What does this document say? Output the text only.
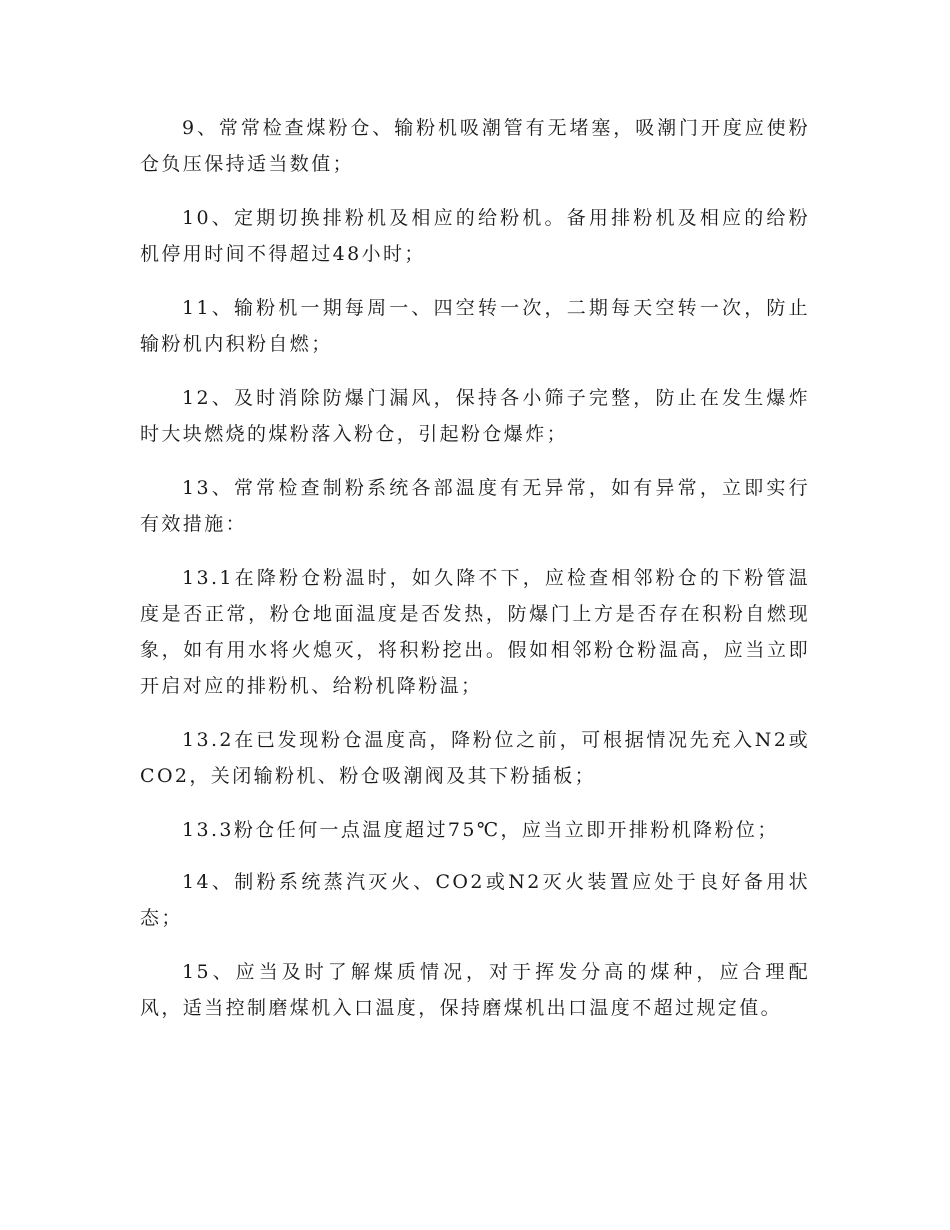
9、常常检查煤粉仓、输粉机吸潮管有无堵塞，吸潮门开度应使粉仓负压保持适当数值；

10、定期切换排粉机及相应的给粉机。备用排粉机及相应的给粉机停用时间不得超过48小时；

11、输粉机一期每周一、四空转一次，二期每天空转一次，防止输粉机内积粉自燃；

12、及时消除防爆门漏风，保持各小筛子完整，防止在发生爆炸时大块燃烧的煤粉落入粉仓，引起粉仓爆炸；

13、常常检查制粉系统各部温度有无异常，如有异常，立即实行有效措施：

13.1在降粉仓粉温时，如久降不下，应检查相邻粉仓的下粉管温度是否正常，粉仓地面温度是否发热，防爆门上方是否存在积粉自燃现象，如有用水将火熄灭，将积粉挖出。假如相邻粉仓粉温高，应当立即开启对应的排粉机、给粉机降粉温；

13.2在已发现粉仓温度高，降粉位之前，可根据情况先充入N2或CO2，关闭输粉机、粉仓吸潮阀及其下粉插板；

13.3粉仓任何一点温度超过75℃，应当立即开排粉机降粉位；

14、制粉系统蒸汽灭火、CO2或N2灭火装置应处于良好备用状态；

15、应当及时了解煤质情况，对于挥发分高的煤种，应合理配风，适当控制磨煤机入口温度，保持磨煤机出口温度不超过规定值。
